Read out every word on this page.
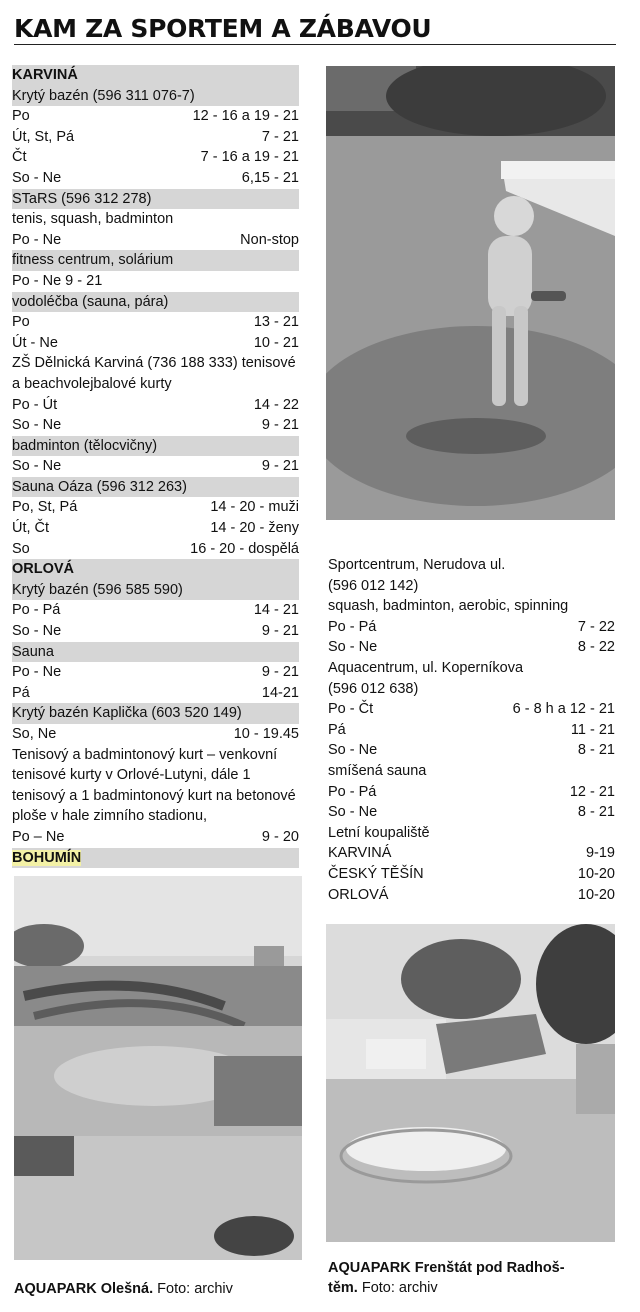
KAM ZA SPORTEM A ZÁBAVOU
KARVINÁ
Krytý bazén (596 311 076-7)
Po	12 - 16 a 19 - 21
Út, St, Pá	7 - 21
Čt	7 - 16 a 19 - 21
So - Ne	6,15 - 21
STaRS (596 312 278)
tenis, squash, badminton
Po - Ne	Non-stop
fitness centrum, solárium
Po - Ne 9 - 21
vodoléčba (sauna, pára)
Po	13 - 21
Út - Ne	10 - 21
ZŠ Dělnická Karviná (736 188 333) tenisové a beachvolejbalové kurty
Po - Út	14 - 22
So - Ne	9 - 21
badminton (tělocvičny)
So - Ne	9 - 21
Sauna Oáza (596 312 263)
Po, St, Pá	14 - 20 - muži
Út, Čt	14 - 20 - ženy
So	16 - 20 - dospělá
ORLOVÁ
Krytý bazén (596 585 590)
Po - Pá	14 - 21
So - Ne	9 - 21
Sauna
Po - Ne	9 - 21
Pá	14-21
Krytý bazén Kaplička (603 520 149)
So, Ne	10 - 19.45
Tenisový a badmintonový kurt – venkovní tenisové kurty v Orlové-Lutyni, dále 1 tenisový a 1 badmintonový kurt na betonové ploše v hale zimního stadionu,
Po – Ne	9 - 20
BOHUMÍN
Sportcentrum, Nerudova ul.
(596 012 142)
squash, badminton, aerobic, spinning
Po - Pá	7 - 22
So - Ne	8 - 22
Aquacentrum, ul. Koperníkova
(596 012 638)
Po - Čt	6 - 8 h a 12 - 21
Pá	11 - 21
So - Ne	8 - 21
smíšená sauna
Po - Pá	12 - 21
So - Ne	8 - 21
Letní koupaliště
KARVINÁ	9-19
ČESKÝ TĚŠÍN	10-20
ORLOVÁ	10-20
AQUAPARK Olešná. Foto: archiv
AQUAPARK Frenštát pod Radhoš-
těm. Foto: archiv
